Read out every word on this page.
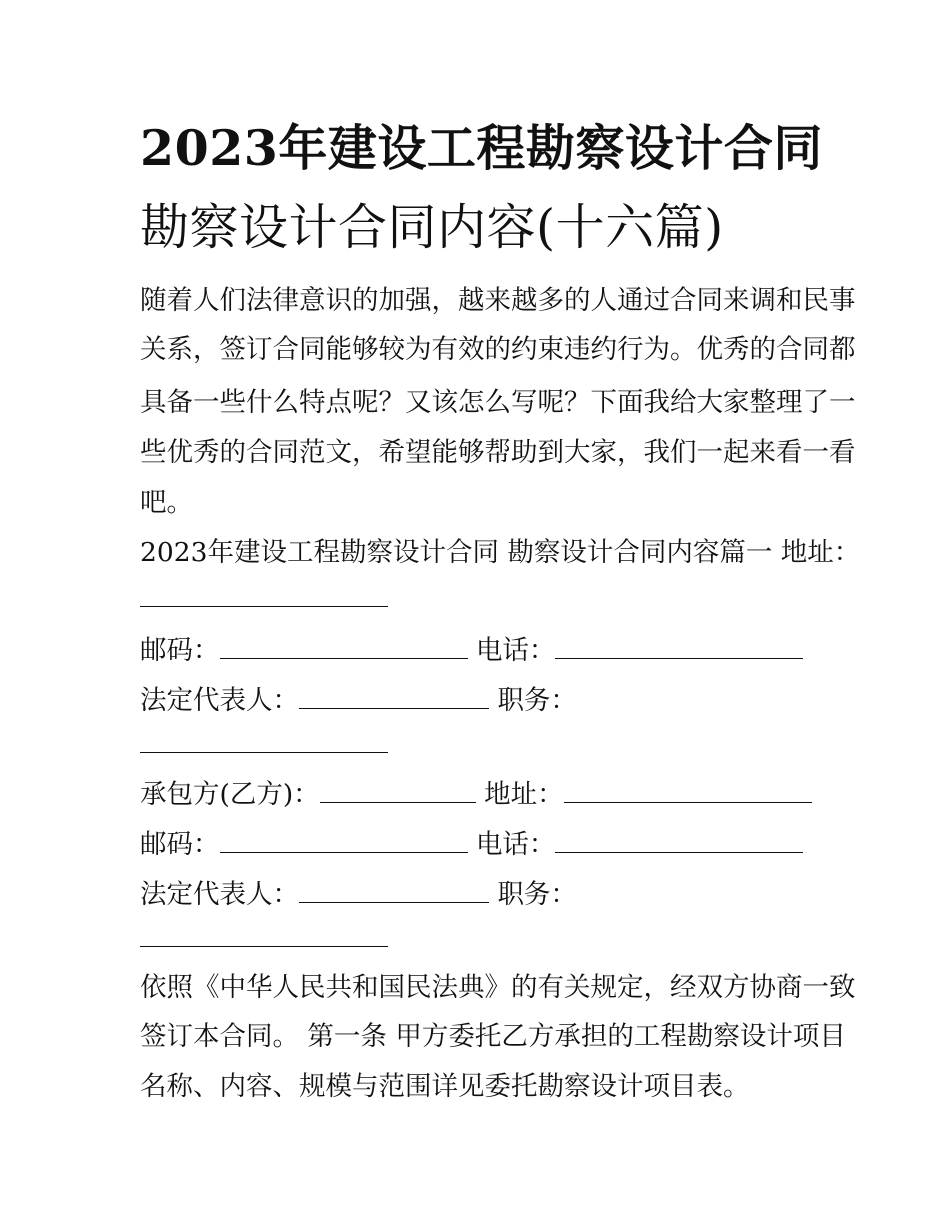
2023年建设工程勘察设计合同
勘察设计合同内容(十六篇)
随着人们法律意识的加强，越来越多的人通过合同来调和民事
关系，签订合同能够较为有效的约束违约行为。优秀的合同都
具备一些什么特点呢？又该怎么写呢？下面我给大家整理了一
些优秀的合同范文，希望能够帮助到大家，我们一起来看一看
吧。
2023年建设工程勘察设计合同 勘察设计合同内容篇一 地址：
邮码：	电话：
法定代表人：	职务：
承包方(乙方)：	地址：
邮码：	电话：
法定代表人：	职务：
依照《中华人民共和国民法典》的有关规定，经双方协商一致
签订本合同。 第一条 甲方委托乙方承担的工程勘察设计项目
名称、内容、规模与范围详见委托勘察设计项目表。
